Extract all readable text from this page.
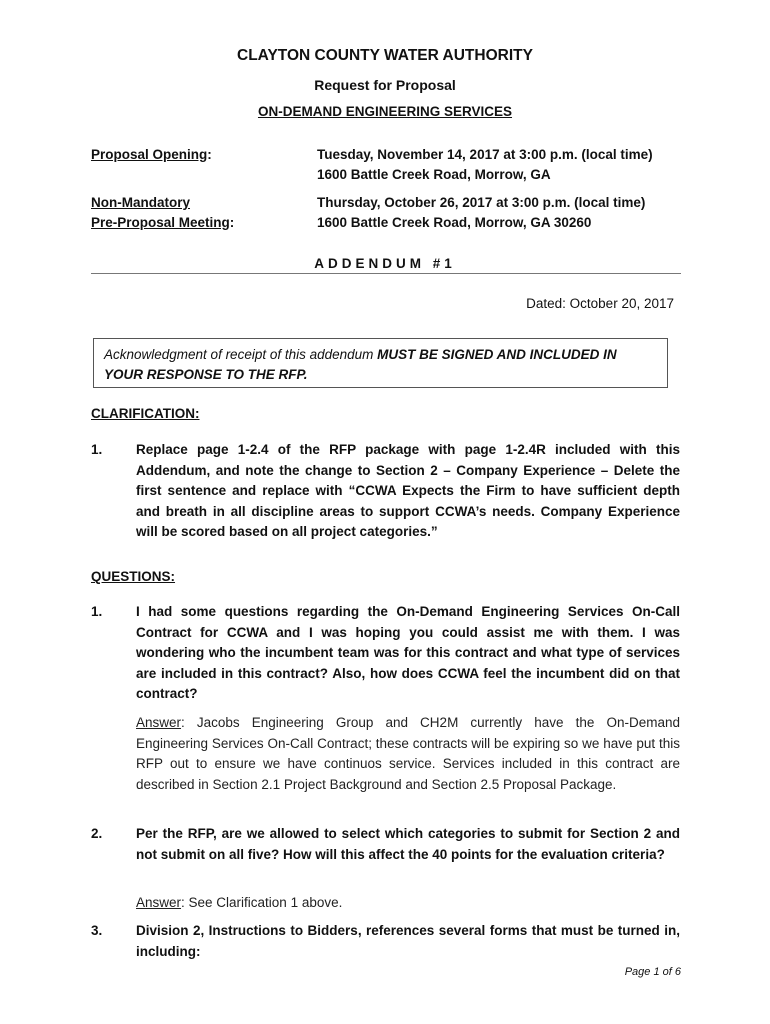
CLAYTON COUNTY WATER AUTHORITY
Request for Proposal
ON-DEMAND ENGINEERING SERVICES
Proposal Opening:	Tuesday, November 14, 2017 at 3:00 p.m. (local time)
1600 Battle Creek Road, Morrow, GA
Non-Mandatory
Pre-Proposal Meeting:
Thursday, October 26, 2017 at 3:00 p.m. (local time)
1600 Battle Creek Road, Morrow, GA 30260
ADDENDUM #1
Dated: October 20, 2017
Acknowledgment of receipt of this addendum MUST BE SIGNED AND INCLUDED IN YOUR RESPONSE TO THE RFP.
CLARIFICATION:
1. Replace page 1-2.4 of the RFP package with page 1-2.4R included with this Addendum, and note the change to Section 2 – Company Experience – Delete the first sentence and replace with “CCWA Expects the Firm to have sufficient depth and breath in all discipline areas to support CCWA’s needs. Company Experience will be scored based on all project categories.”
QUESTIONS:
1. I had some questions regarding the On-Demand Engineering Services On-Call Contract for CCWA and I was hoping you could assist me with them. I was wondering who the incumbent team was for this contract and what type of services are included in this contract? Also, how does CCWA feel the incumbent did on that contract?
Answer: Jacobs Engineering Group and CH2M currently have the On-Demand Engineering Services On-Call Contract; these contracts will be expiring so we have put this RFP out to ensure we have continuos service. Services included in this contract are described in Section 2.1 Project Background and Section 2.5 Proposal Package.
2. Per the RFP, are we allowed to select which categories to submit for Section 2 and not submit on all five? How will this affect the 40 points for the evaluation criteria?
Answer: See Clarification 1 above.
3. Division 2, Instructions to Bidders, references several forms that must be turned in, including:
Page 1 of 6
